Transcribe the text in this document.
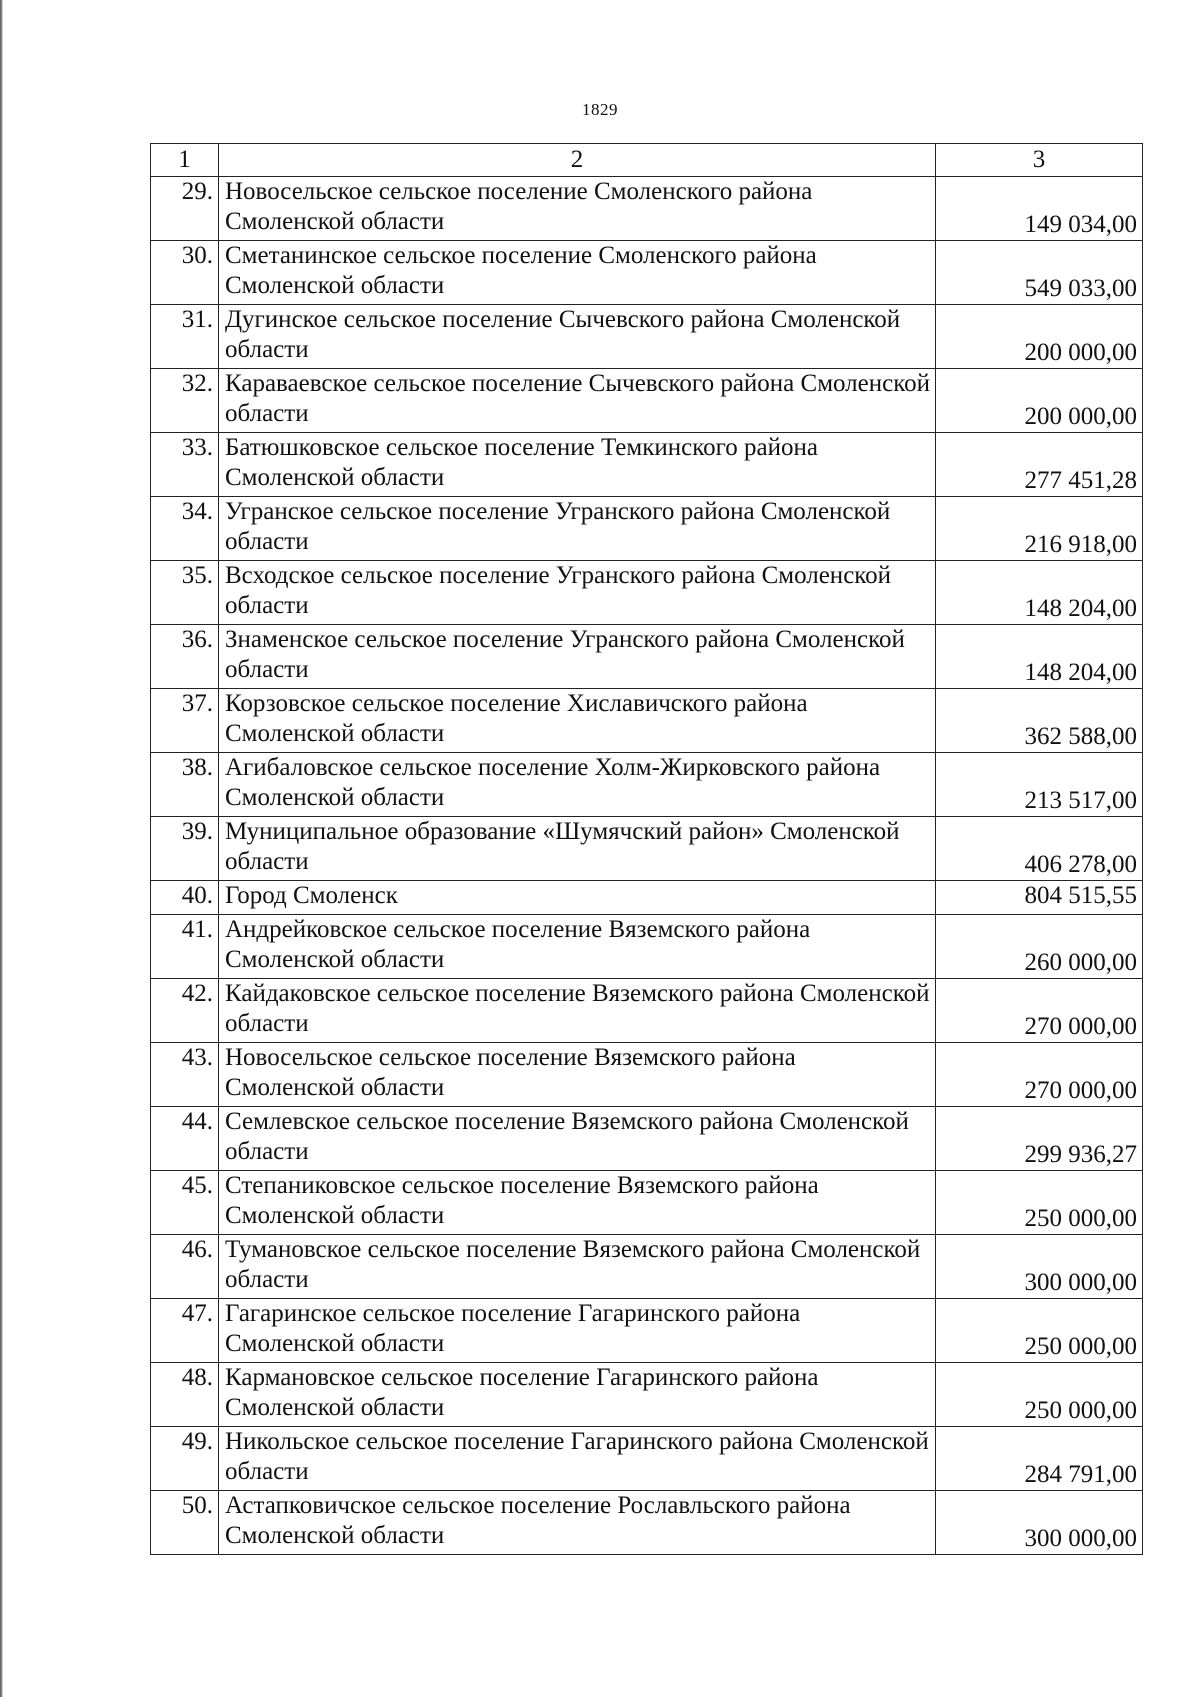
1829
1	2	3
29.	Новосельское сельское поселение Смоленского района Смоленской области	149 034,00
30.	Сметанинское сельское поселение Смоленского района Смоленской области	549 033,00
31.	Дугинское сельское поселение Сычевского района Смоленской области	200 000,00
32.	Караваевское сельское поселение Сычевского района Смоленской области	200 000,00
33.	Батюшковское сельское поселение Темкинского района Смоленской области	277 451,28
34.	Угранское сельское поселение Угранского района Смоленской области	216 918,00
35.	Всходское сельское поселение Угранского района Смоленской области	148 204,00
36.	Знаменское сельское поселение Угранского района Смоленской области	148 204,00
37.	Корзовское сельское поселение Хиславичского района Смоленской области	362 588,00
38.	Агибаловское сельское поселение Холм-Жирковского района Смоленской области	213 517,00
39.	Муниципальное образование «Шумячский район» Смоленской области	406 278,00
40.	Город Смоленск	804 515,55
41.	Андрейковское сельское поселение Вяземского района Смоленской области	260 000,00
42.	Кайдаковское сельское поселение Вяземского района Смоленской области	270 000,00
43.	Новосельское сельское поселение Вяземского района Смоленской области	270 000,00
44.	Семлевское сельское поселение Вяземского района Смоленской области	299 936,27
45.	Степаниковское сельское поселение Вяземского района Смоленской области	250 000,00
46.	Тумановское сельское поселение Вяземского района Смоленской области	300 000,00
47.	Гагаринское сельское поселение Гагаринского района Смоленской области	250 000,00
48.	Кармановское сельское поселение Гагаринского района Смоленской области	250 000,00
49.	Никольское сельское поселение Гагаринского района Смоленской области	284 791,00
50.	Астапковичское сельское поселение Рославльского района Смоленской области	300 000,00
